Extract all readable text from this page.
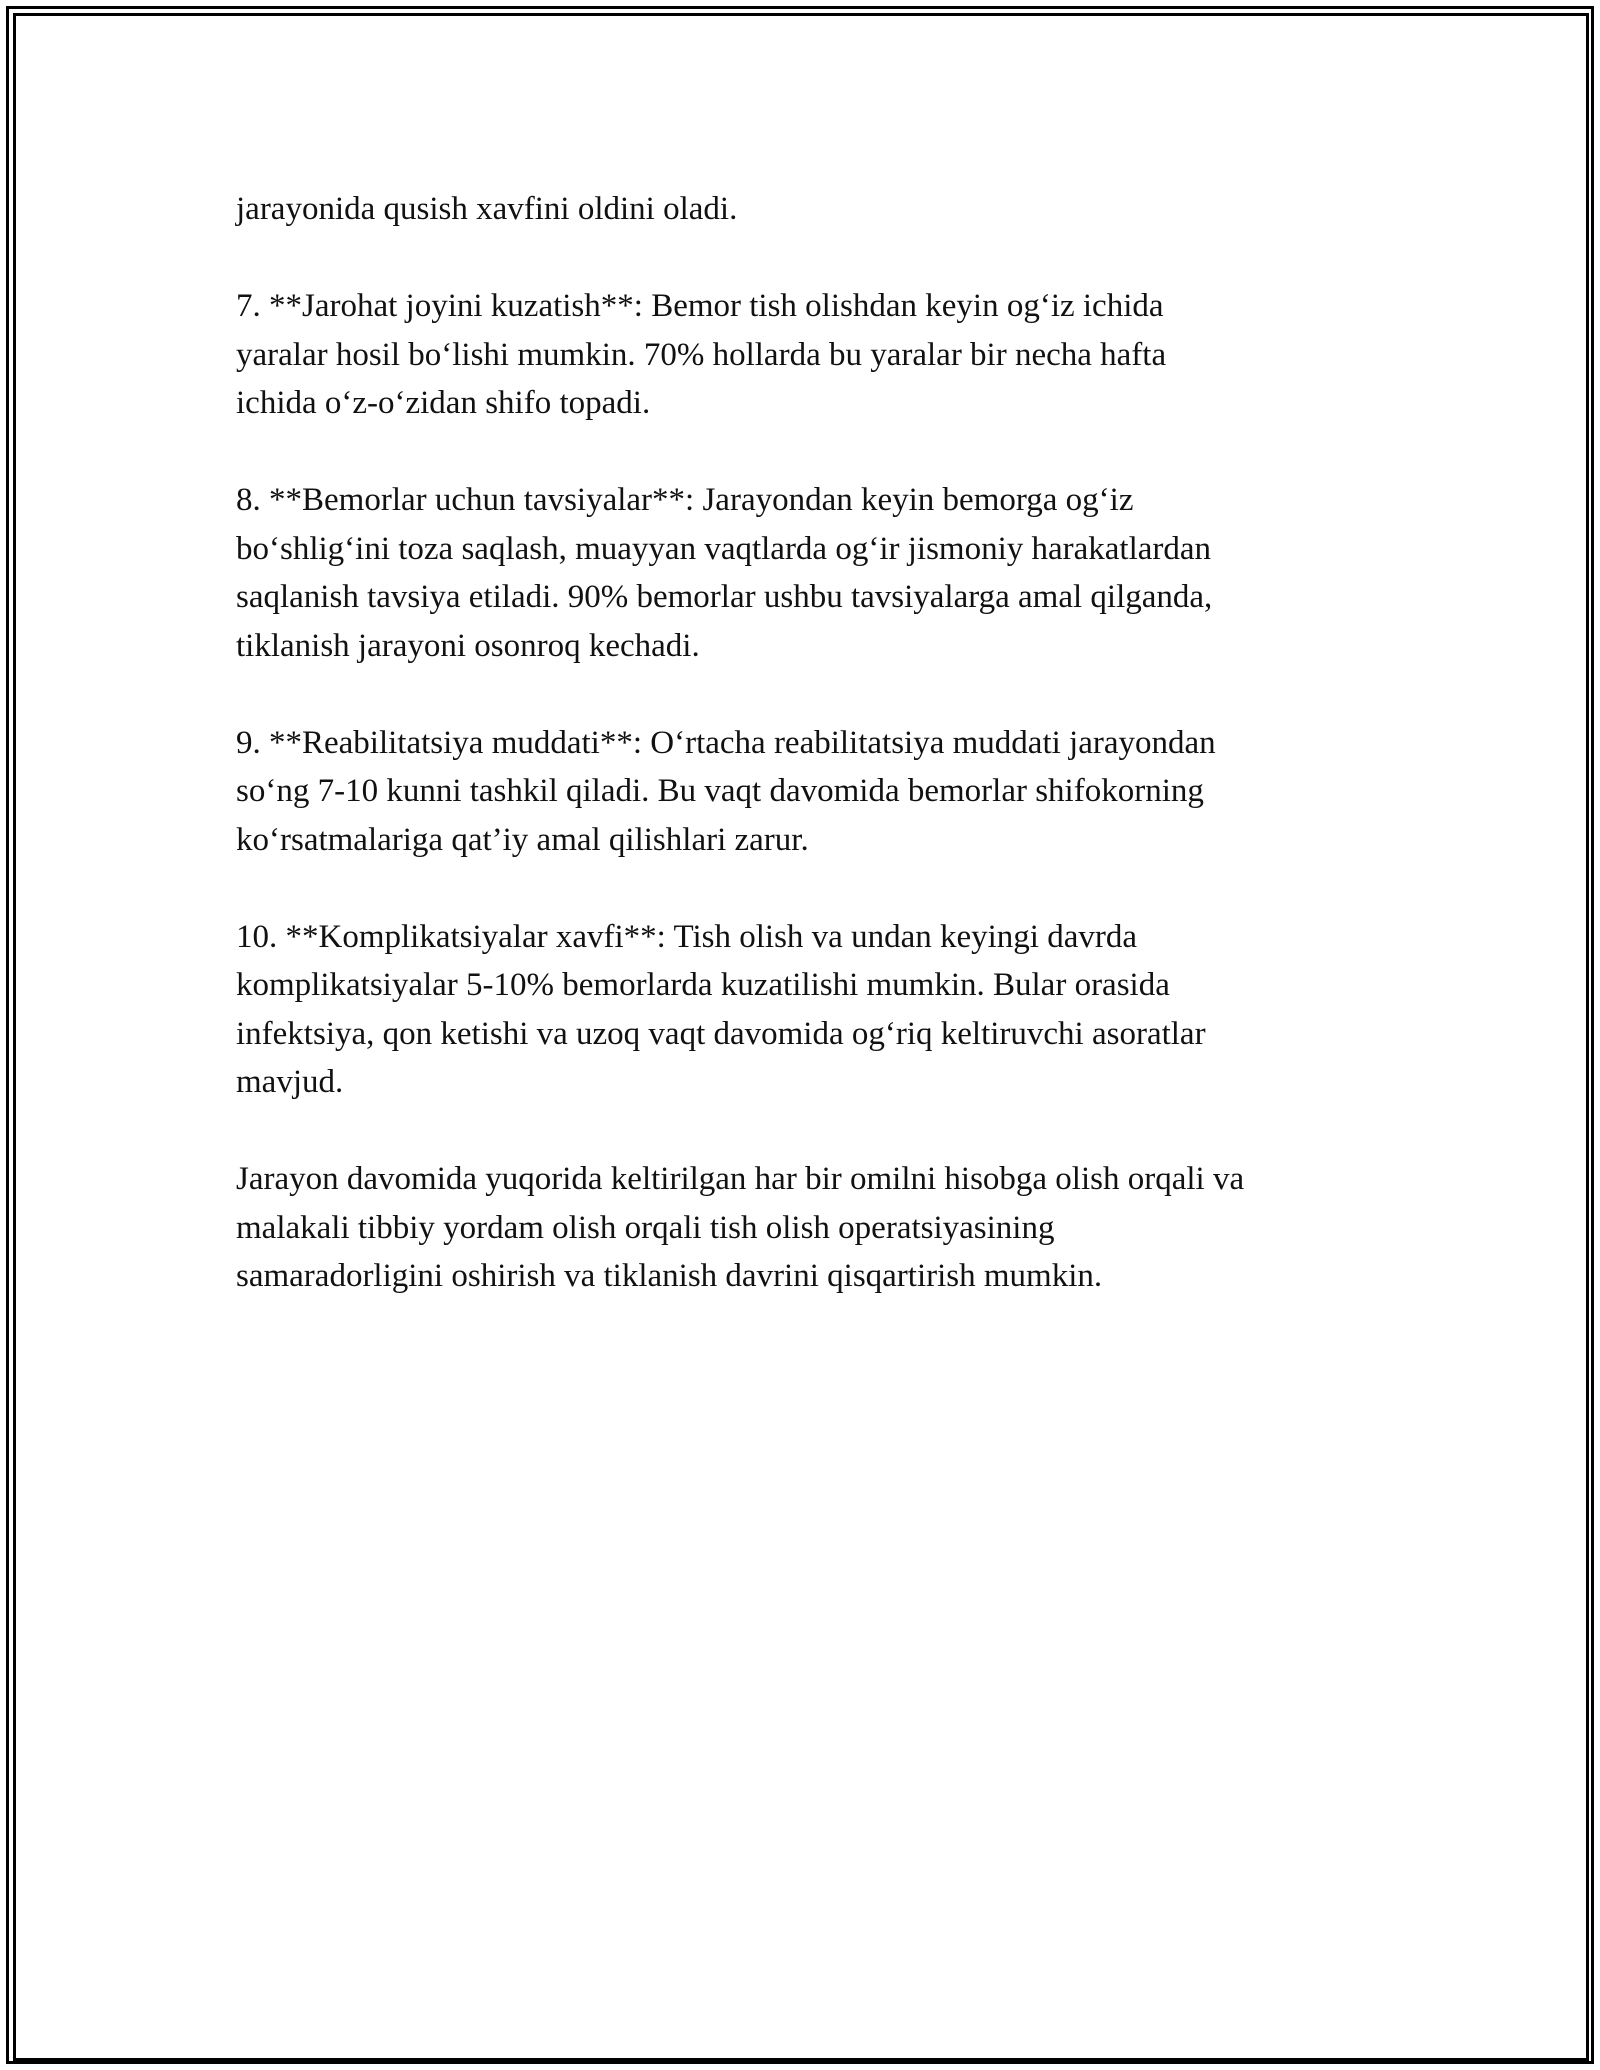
jarayonida qusish xavfini oldini oladi.

7. **Jarohat joyini kuzatish**: Bemor tish olishdan keyin og‘iz ichida
yaralar hosil bo‘lishi mumkin. 70% hollarda bu yaralar bir necha hafta
ichida o‘z-o‘zidan shifo topadi.

8. **Bemorlar uchun tavsiyalar**: Jarayondan keyin bemorga og‘iz
bo‘shlig‘ini toza saqlash, muayyan vaqtlarda og‘ir jismoniy harakatlardan
saqlanish tavsiya etiladi. 90% bemorlar ushbu tavsiyalarga amal qilganda,
tiklanish jarayoni osonroq kechadi.

9. **Reabilitatsiya muddati**: O‘rtacha reabilitatsiya muddati jarayondan
so‘ng 7-10 kunni tashkil qiladi. Bu vaqt davomida bemorlar shifokorning
ko‘rsatmalariga qat’iy amal qilishlari zarur.

10. **Komplikatsiyalar xavfi**: Tish olish va undan keyingi davrda
komplikatsiyalar 5-10% bemorlarda kuzatilishi mumkin. Bular orasida
infektsiya, qon ketishi va uzoq vaqt davomida og‘riq keltiruvchi asoratlar
mavjud.

Jarayon davomida yuqorida keltirilgan har bir omilni hisobga olish orqali va
malakali tibbiy yordam olish orqali tish olish operatsiyasining
samaradorligini oshirish va tiklanish davrini qisqartirish mumkin.
